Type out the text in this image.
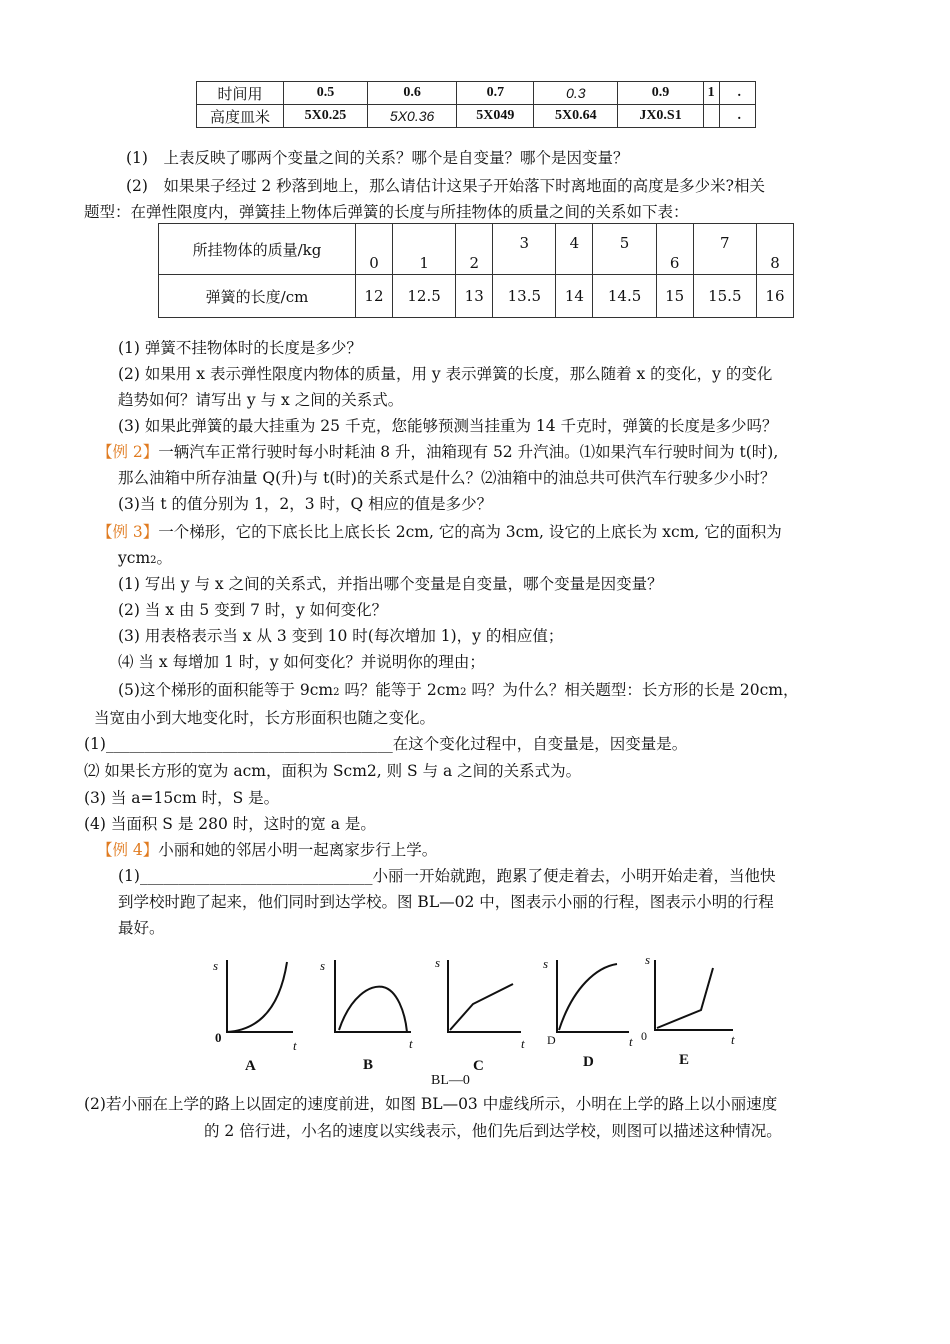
时间用	0.5	0.6	0.7	0.3	0.9	1	.
高度皿米	5X0.25	5X0.36	5X049	5X0.64	JX0.S1		.
(1)　上表反映了哪两个变量之间的关系？哪个是自变量？哪个是因变量？
(2)　如果果子经过 2 秒落到地上，那么请估计这果子开始落下时离地面的高度是多少米?相关
题型：在弹性限度内，弹簧挂上物体后弹簧的长度与所挂物体的质量之间的关系如下表：
所挂物体的质量/kg	0	1	2	3	4	5	6	7	8
弹簧的长度/cm	12	12.5	13	13.5	14	14.5	15	15.5	16
(1) 弹簧不挂物体时的长度是多少？
(2) 如果用 x 表示弹性限度内物体的质量，用 y 表示弹簧的长度，那么随着 x 的变化，y 的变化
趋势如何？请写出 y 与 x 之间的关系式。
(3) 如果此弹簧的最大挂重为 25 千克，您能够预测当挂重为 14 千克时，弹簧的长度是多少吗？
【例 2】一辆汽车正常行驶时每小时耗油 8 升，油箱现有 52 升汽油。⑴如果汽车行驶时间为 t(时),
那么油箱中所存油量 Q(升)与 t(时)的关系式是什么？⑵油箱中的油总共可供汽车行驶多少小时？
(3)当 t 的值分别为 1，2，3 时，Q 相应的值是多少？
【例 3】一个梯形，它的下底长比上底长长 2cm, 它的高为 3cm, 设它的上底长为 xcm, 它的面积为
ycm2。
(1) 写出 y 与 x 之间的关系式，并指出哪个变量是自变量，哪个变量是因变量？
(2) 当 x 由 5 变到 7 时，y 如何变化？
(3) 用表格表示当 x 从 3 变到 10 时(每次增加 1)，y 的相应值；
⑷ 当 x 每增加 1 时，y 如何变化？并说明你的理由；
(5)这个梯形的面积能等于 9cm2 吗？能等于 2cm2 吗？为什么？相关题型：长方形的长是 20cm，
当宽由小到大地变化时，长方形面积也随之变化。
(1)_____________________________________在这个变化过程中，自变量是，因变量是。
⑵ 如果长方形的宽为 acm，面积为 Scm2, 则 S 与 a 之间的关系式为。
(3) 当 a=15cm 时，S 是。
(4) 当面积 S 是 280 时，这时的宽 a 是。
【例 4】小丽和她的邻居小明一起离家步行上学。
(1)______________________________小丽一开始就跑，跑累了便走着去，小明开始走着，当他快
到学校时跑了起来，他们同时到达学校。图 BL—02 中，图表示小丽的行程，图表示小明的行程
最好。
s
0
t
A
s
t
B
s
t
C
s
D	t
D
s
0	t
E
BL—0
(2)若小丽在上学的路上以固定的速度前进，如图 BL—03 中虚线所示，小明在上学的路上以小丽速度
的 2 倍行进，小名的速度以实线表示，他们先后到达学校，则图可以描述这种情况。
